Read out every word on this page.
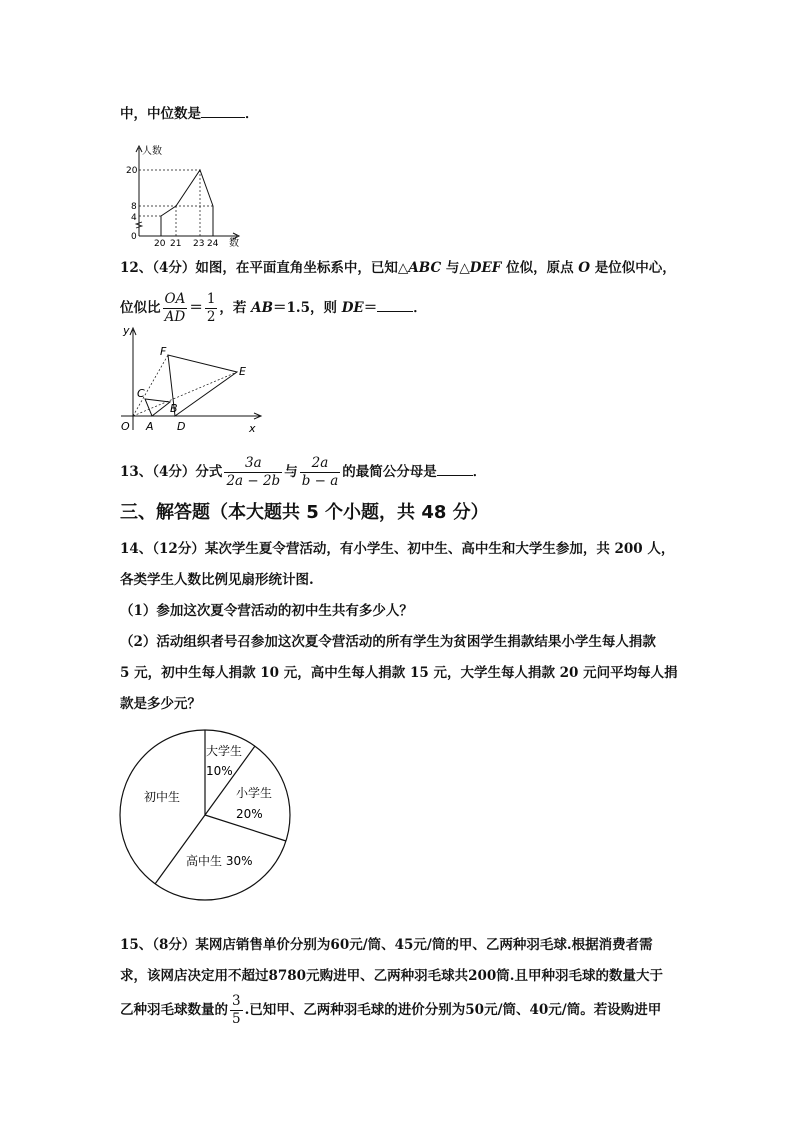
中，中位数是	．
人数
20
8
4
0
20 21 23 24 数
12、（4分）如图，在平面直角坐标系中，已知△ABC 与△DEF 位似，原点 O 是位似中心，
位似比 $\frac{OA}{AD} = \frac{1}{2}$ ，若 AB＝1.5，则 DE＝	．
y
F
E
C
B
O A D	x
13、（4分）分式 $\frac{3a}{2a - 2b}$ 与 $\frac{2a}{b - a}$ 的最简公分母是	．
三、解答题（本大题共 5 个小题，共 48 分）
14、（12分）某次学生夏令营活动，有小学生、初中生、高中生和大学生参加，共 200 人，
各类学生人数比例见扇形统计图.
（1）参加这次夏令营活动的初中生共有多少人？
（2）活动组织者号召参加这次夏令营活动的所有学生为贫困学生捐款结果小学生每人捐款
5 元，初中生每人捐款 10 元，高中生每人捐款 15 元，大学生每人捐款 20 元问平均每人捐
款是多少元？
大学生
10%
小学生
20%
高中生 30%
初中生
15、（8分）某网店销售单价分别为60元/筒、45元/筒的甲、乙两种羽毛球.根据消费者需
求，该网店决定用不超过8780元购进甲、乙两种羽毛球共200筒.且甲种羽毛球的数量大于
乙种羽毛球数量的 $\frac{3}{5}$ .已知甲、乙两种羽毛球的进价分别为50元/筒、40元/筒。若设购进甲
